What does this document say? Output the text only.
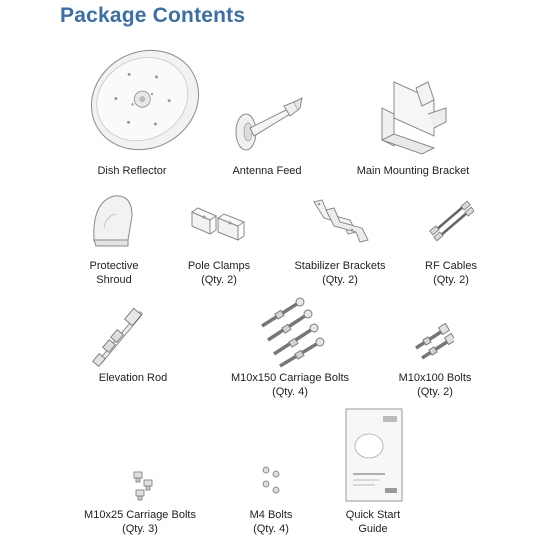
Package Contents
Dish Reflector	Antenna Feed	Main Mounting Bracket
Protective
Shroud
Pole Clamps
(Qty. 2)
Stabilizer Brackets
(Qty. 2)
RF Cables
(Qty. 2)
Elevation Rod	M10x150 Carriage Bolts
(Qty. 4)
M10x100 Bolts
(Qty. 2)
M10x25 Carriage Bolts
(Qty. 3)
M4 Bolts
(Qty. 4)
Quick Start
Guide
